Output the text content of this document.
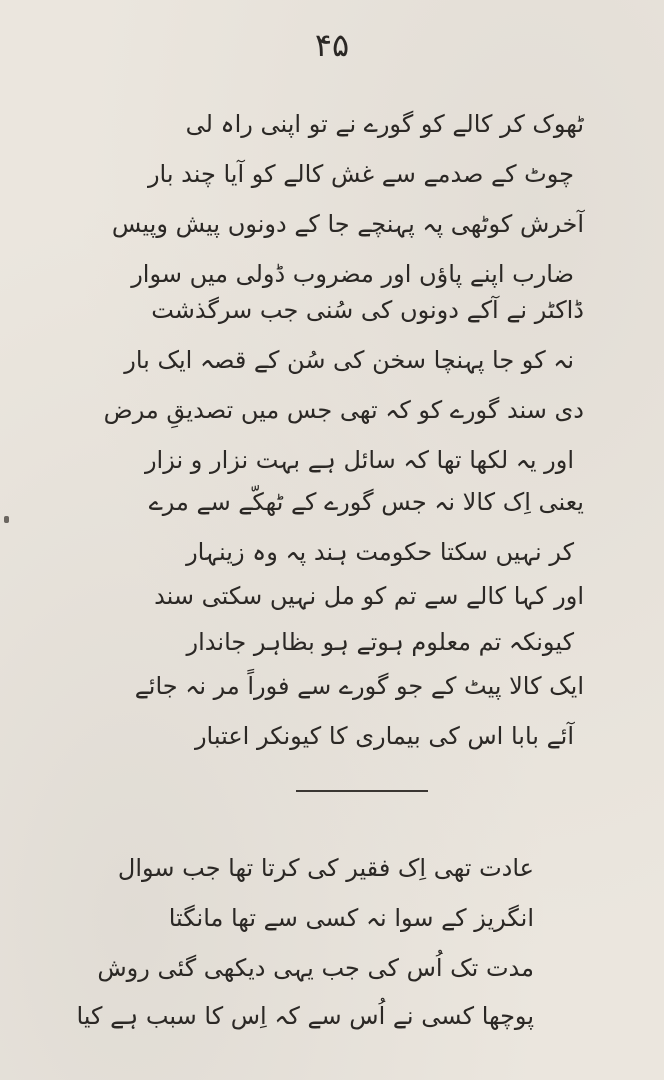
۴۵
ٹھوک کر کالے کو گورے نے تو اپنی راہ لی
چوٹ کے صدمے سے غش کالے کو آیا چند بار
آخرش کوٹھی پہ پہنچے جا کے دونوں پیش وپیس
ضارب اپنے پاؤں اور مضروب ڈولی میں سوار
ڈاکٹر نے آکے دونوں کی سُنی جب سرگذشت
نہ کو جا پہنچا سخن کی سُن کے قصہ ایک بار
دی سند گورے کو کہ تھی جس میں تصدیقِ مرض
اور یہ لکھا تھا کہ سائل ہے بہت نزار و نزار
یعنی اِک کالا نہ جس گورے کے ٹھکّے سے مرے
کر نہیں سکتا حکومت ہند پہ وہ زینہار
اور کہا کالے سے تم کو مل نہیں سکتی سند
کیونکہ تم معلوم ہوتے ہو بظاہر جاندار
ایک کالا پیٹ کے جو گورے سے فوراً مر نہ جائے
آئے بابا اس کی بیماری کا کیونکر اعتبار
عادت تھی اِک فقیر کی کرتا تھا جب سوال
انگریز کے سوا نہ کسی سے تھا مانگتا
مدت تک اُس کی جب یہی دیکھی گئی روش
پوچھا کسی نے اُس سے کہ اِس کا سبب ہے کیا
